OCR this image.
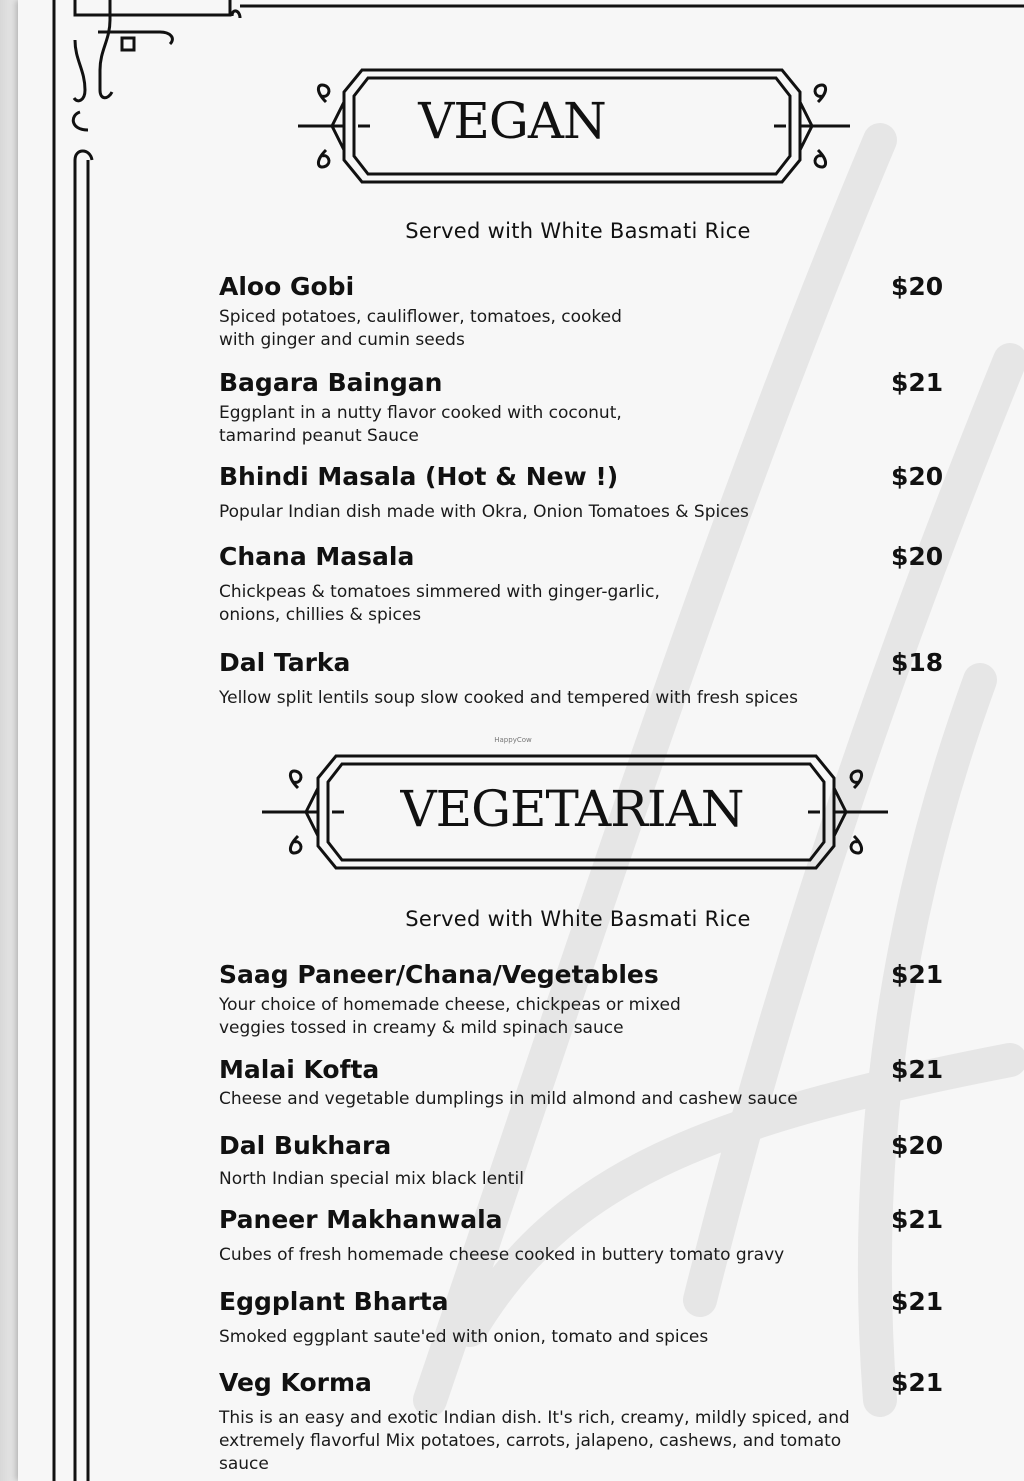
VEGAN
Served with White Basmati Rice
Aloo Gobi	$20
Spiced potatoes, cauliflower, tomatoes, cooked
with ginger and cumin seeds
Bagara Baingan	$21
Eggplant in a nutty flavor cooked with coconut,
tamarind peanut Sauce
Bhindi Masala (Hot & New !)	$20
Popular Indian dish made with Okra, Onion Tomatoes & Spices
Chana Masala	$20
Chickpeas & tomatoes simmered with ginger-garlic,
onions, chillies & spices
Dal Tarka	$18
Yellow split lentils soup slow cooked and tempered with fresh spices
HappyCow
VEGETARIAN
Served with White Basmati Rice
Saag Paneer/Chana/Vegetables	$21
Your choice of homemade cheese, chickpeas or mixed
veggies tossed in creamy & mild spinach sauce
Malai Kofta	$21
Cheese and vegetable dumplings in mild almond and cashew sauce
Dal Bukhara	$20
North Indian special mix black lentil
Paneer Makhanwala	$21
Cubes of fresh homemade cheese cooked in buttery tomato gravy
Eggplant Bharta	$21
Smoked eggplant saute'ed with onion, tomato and spices
Veg Korma	$21
This is an easy and exotic Indian dish. It's rich, creamy, mildly spiced, and
extremely flavorful Mix potatoes, carrots, jalapeno, cashews, and tomato
sauce
